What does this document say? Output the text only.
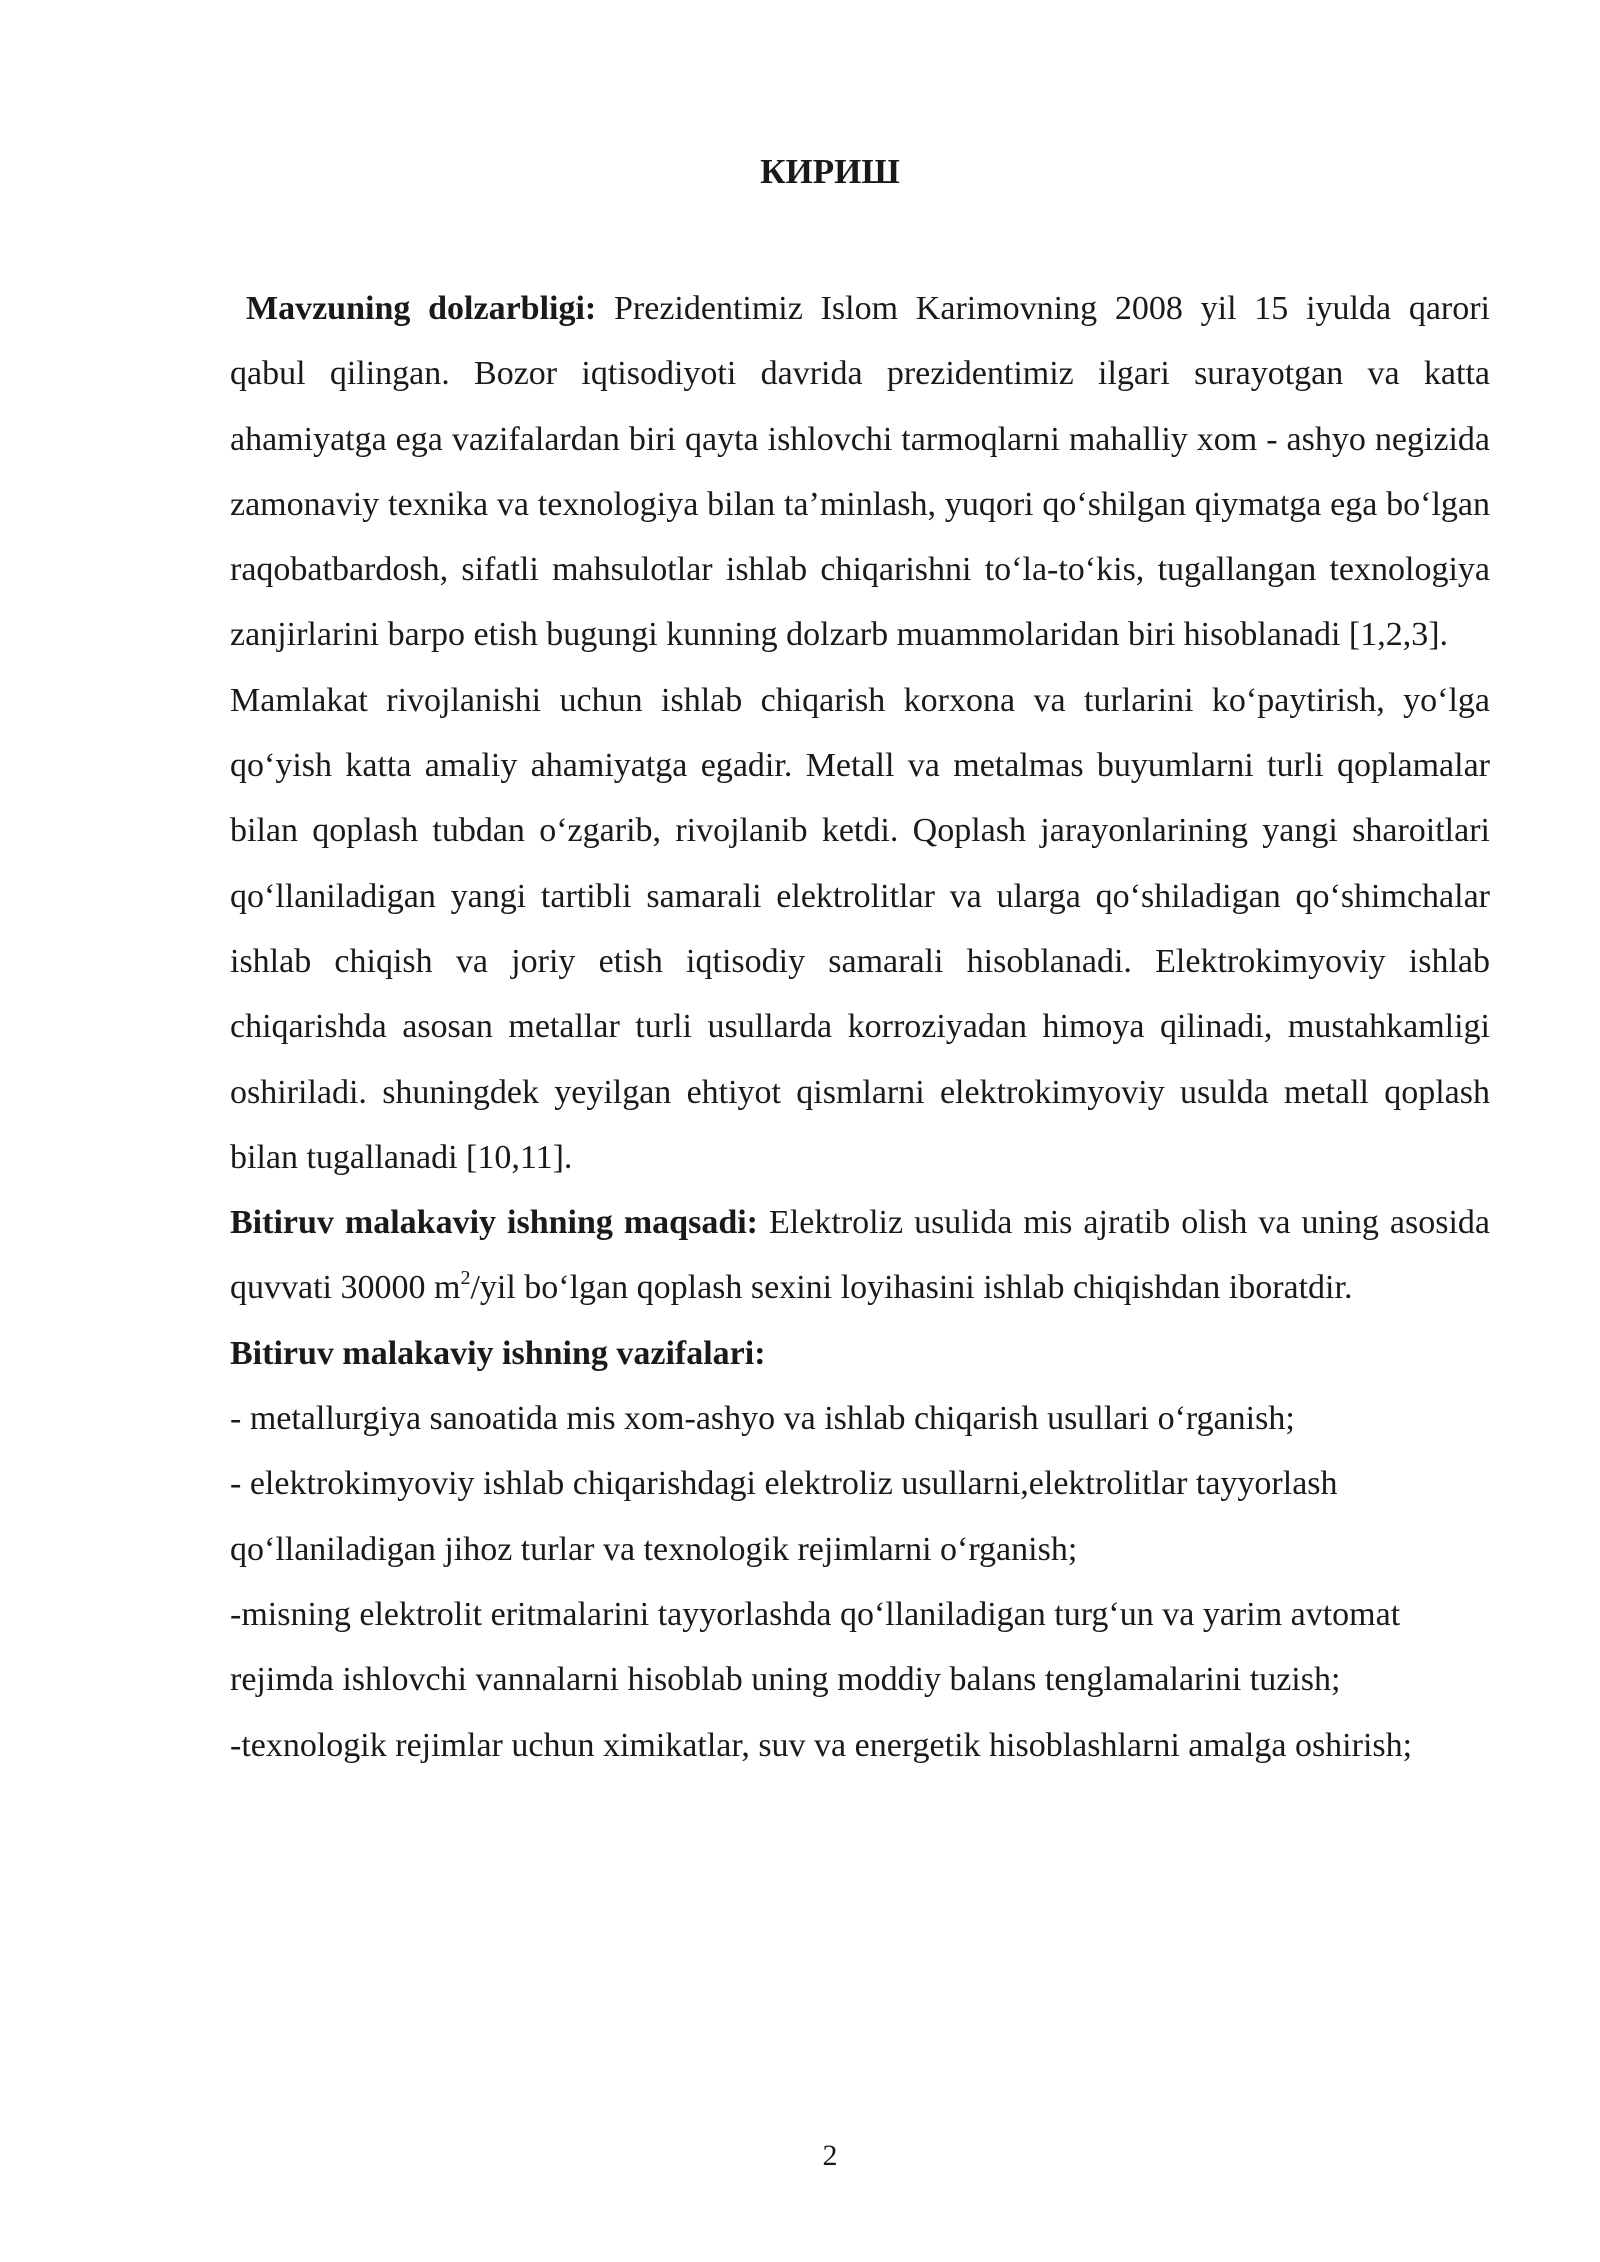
КИРИШ

Mavzuning dolzarbligi: Prezidentimiz Islom Karimovning 2008 yil 15 iyulda qarori qabul qilingan. Bozor iqtisodiyoti davrida prezidentimiz ilgari surayotgan va katta ahamiyatga ega vazifalardan biri qayta ishlovchi tarmoqlarni mahalliy xom - ashyo negizida zamonaviy texnika va texnologiya bilan ta’minlash, yuqori qo‘shilgan qiymatga ega bo‘lgan raqobatbardosh, sifatli mahsulotlar ishlab chiqarishni to‘la-to‘kis, tugallangan texnologiya zanjirlarini barpo etish bugungi kunning dolzarb muammolaridan biri hisoblanadi [1,2,3].

Mamlakat rivojlanishi uchun ishlab chiqarish korxona va turlarini ko‘paytirish, yo‘lga qo‘yish katta amaliy ahamiyatga egadir. Metall va metalmas buyumlarni turli qoplamalar bilan qoplash tubdan o‘zgarib, rivojlanib ketdi. Qoplash jarayonlarining yangi sharoitlari qo‘llaniladigan yangi tartibli samarali elektrolitlar va ularga qo‘shiladigan qo‘shimchalar ishlab chiqish va joriy etish iqtisodiy samarali hisoblanadi. Elektrokimyoviy ishlab chiqarishda asosan metallar turli usullarda korroziyadan himoya qilinadi, mustahkamligi oshiriladi. shuningdek yeyilgan ehtiyot qismlarni elektrokimyoviy usulda metall qoplash bilan tugallanadi [10,11].

Bitiruv malakaviy ishning maqsadi: Elektroliz usulida mis ajratib olish va uning asosida quvvati 30000 $m^2$/yil bo‘lgan qoplash sexini loyihasini ishlab chiqishdan iboratdir.

Bitiruv malakaviy ishning vazifalari:

- metallurgiya sanoatida mis xom-ashyo va ishlab chiqarish usullari o‘rganish;

- elektrokimyoviy ishlab chiqarishdagi elektroliz usullarni,elektrolitlar tayyorlash qo‘llaniladigan jihoz turlar va texnologik rejimlarni o‘rganish;

-misning elektrolit eritmalarini tayyorlashda qo‘llaniladigan turg‘un va yarim avtomat rejimda ishlovchi vannalarni hisoblab uning moddiy balans tenglamalarini tuzish;

-texnologik rejimlar uchun ximikatlar, suv va energetik hisoblashlarni amalga oshirish;

2
